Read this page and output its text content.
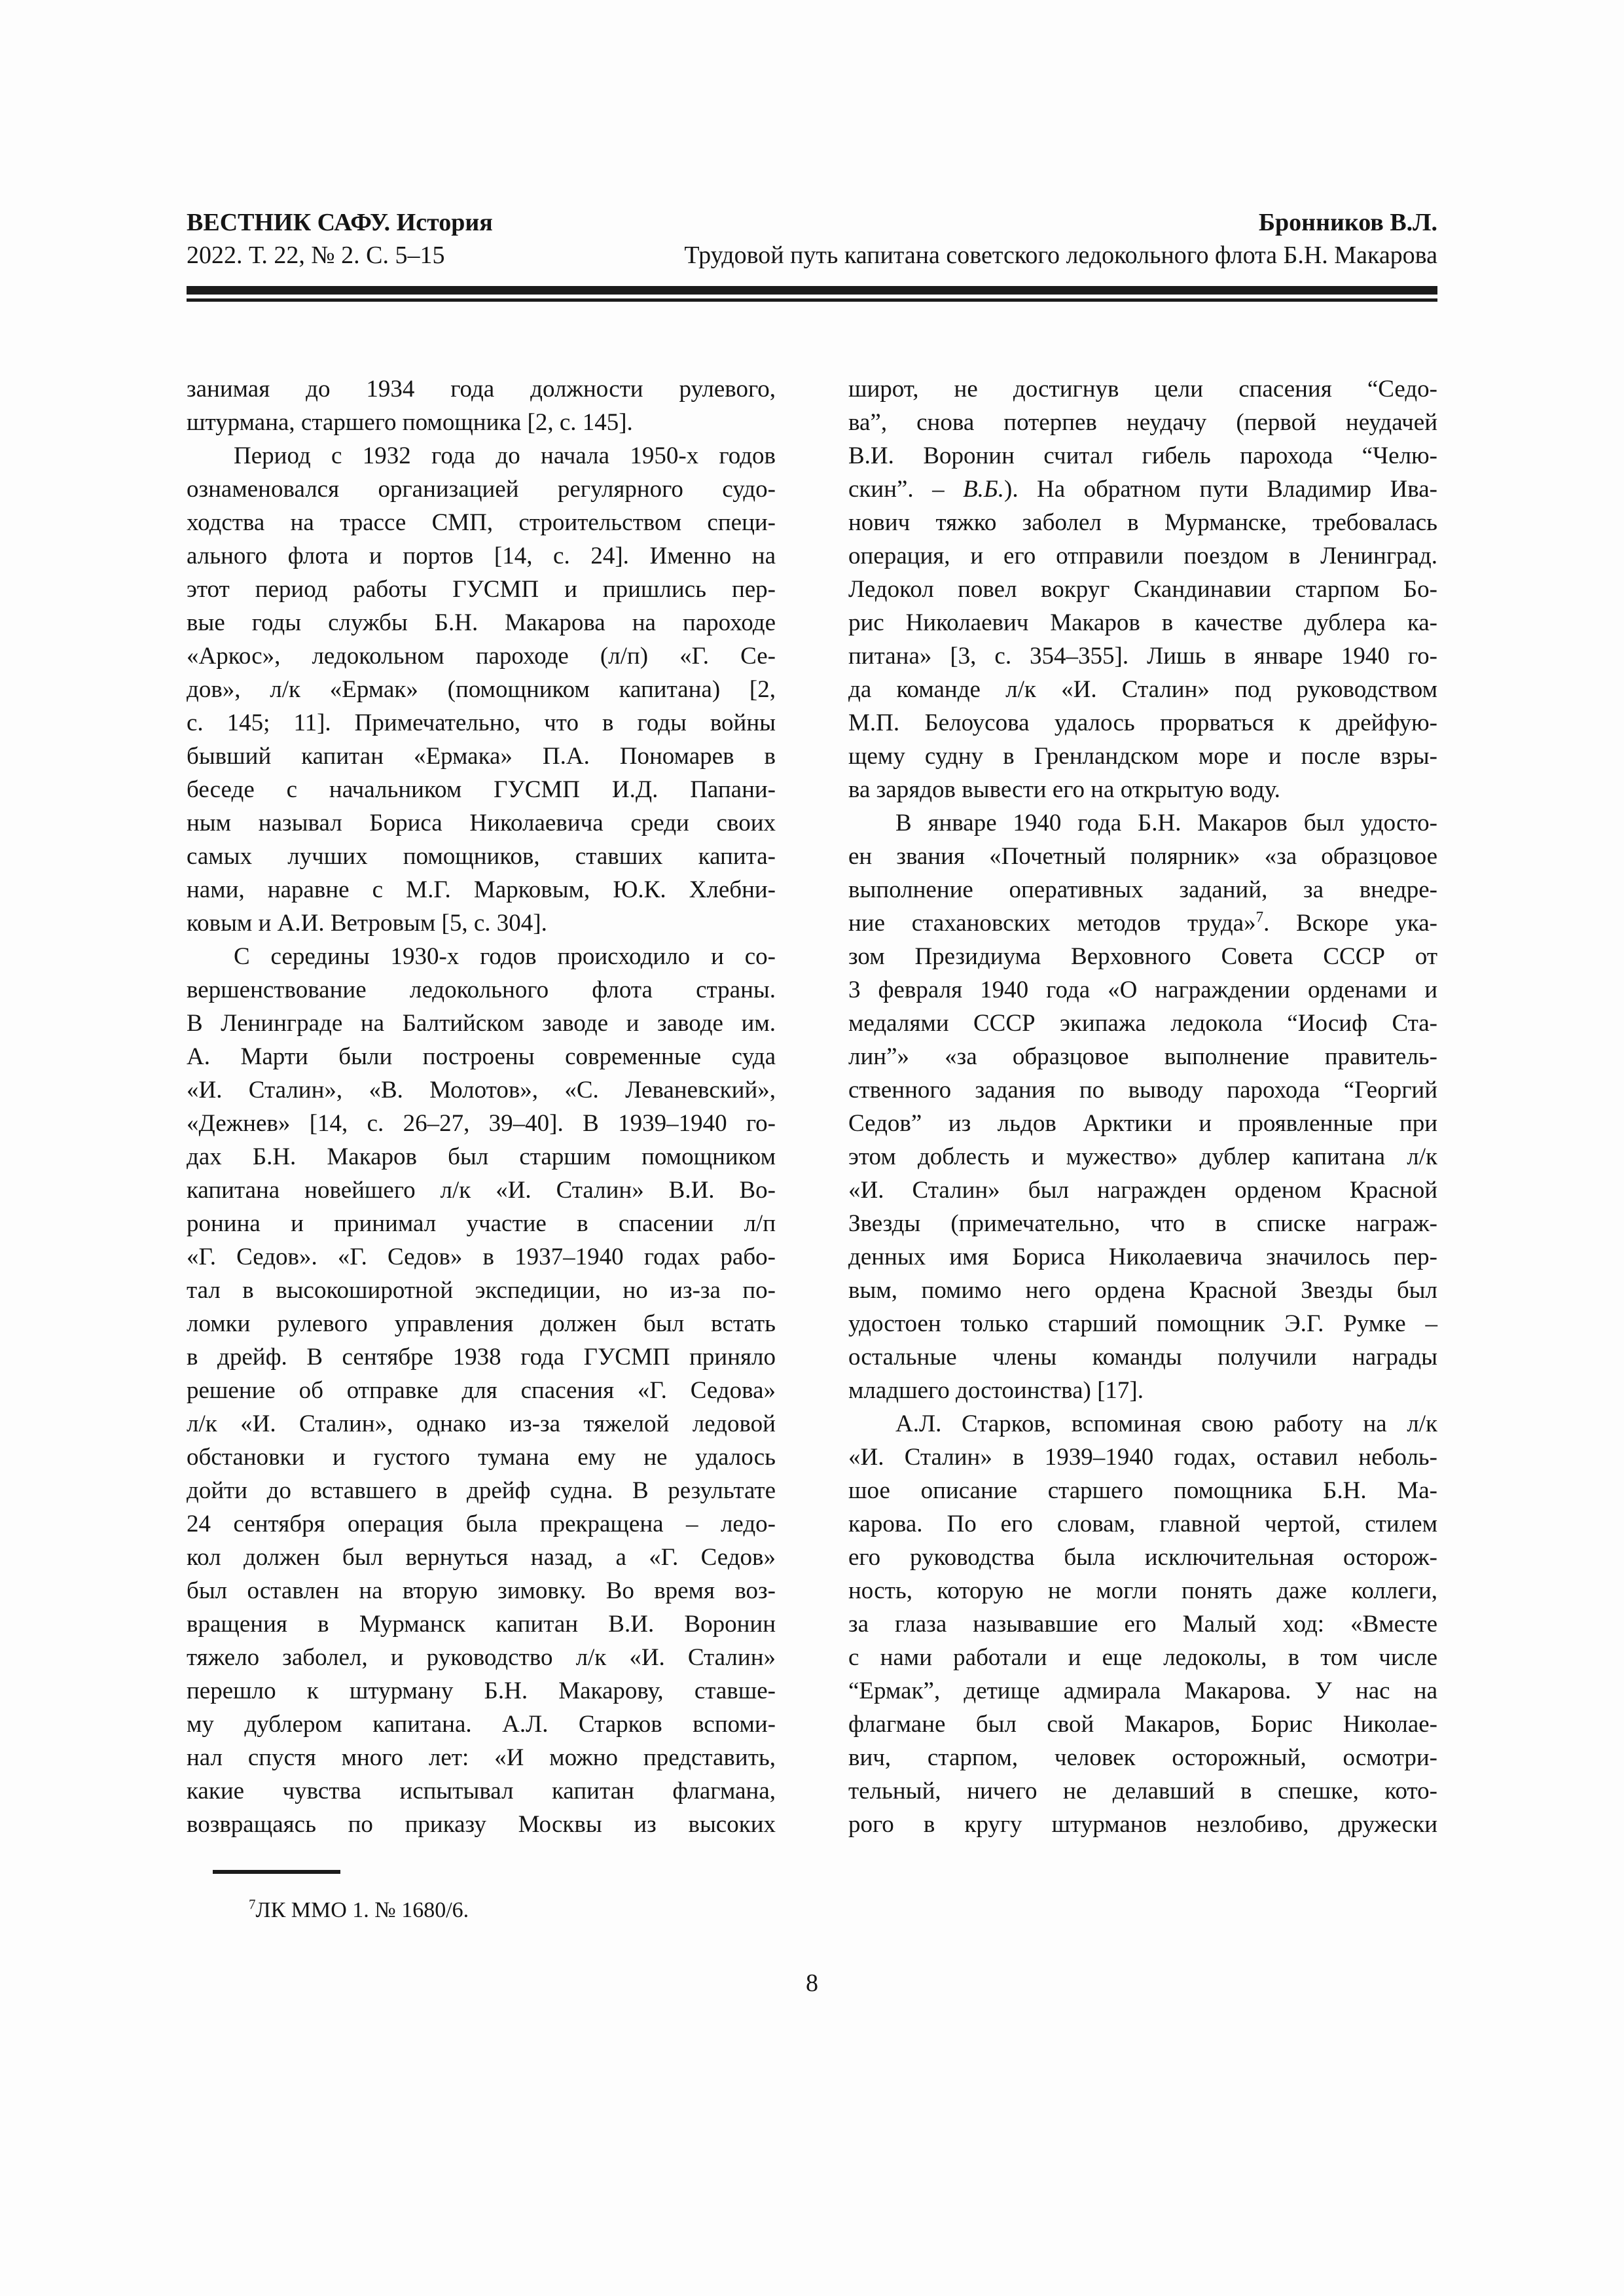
ВЕСТНИК САФУ. История	Бронников В.Л.
2022. Т. 22, № 2. С. 5–15	Трудовой путь капитана советского ледокольного флота Б.Н. Макарова
занимая до 1934 года должности рулевого,
штурмана, старшего помощника [2, с. 145].
Период с 1932 года до начала 1950-х годов
ознаменовался организацией регулярного судо-
ходства на трассе СМП, строительством специ-
ального флота и портов [14, с. 24]. Именно на
этот период работы ГУСМП и пришлись пер-
вые годы службы Б.Н. Макарова на пароходе
«Аркос», ледокольном пароходе (л/п) «Г. Се-
дов», л/к «Ермак» (помощником капитана) [2,
с. 145; 11]. Примечательно, что в годы войны
бывший капитан «Ермака» П.А. Пономарев в
беседе с начальником ГУСМП И.Д. Папани-
ным называл Бориса Николаевича среди своих
самых лучших помощников, ставших капита-
нами, наравне с М.Г. Марковым, Ю.К. Хлебни-
ковым и А.И. Ветровым [5, с. 304].
С середины 1930-х годов происходило и со-
вершенствование ледокольного флота страны.
В Ленинграде на Балтийском заводе и заводе им.
А. Марти были построены современные суда
«И. Сталин», «В. Молотов», «С. Леваневский»,
«Дежнев» [14, с. 26–27, 39–40]. В 1939–1940 го-
дах Б.Н. Макаров был старшим помощником
капитана новейшего л/к «И. Сталин» В.И. Во-
ронина и принимал участие в спасении л/п
«Г. Седов». «Г. Седов» в 1937–1940 годах рабо-
тал в высокоширотной экспедиции, но из-за по-
ломки рулевого управления должен был встать
в дрейф. В сентябре 1938 года ГУСМП приняло
решение об отправке для спасения «Г. Седова»
л/к «И. Сталин», однако из-за тяжелой ледовой
обстановки и густого тумана ему не удалось
дойти до вставшего в дрейф судна. В результате
24 сентября операция была прекращена – ледо-
кол должен был вернуться назад, а «Г. Седов»
был оставлен на вторую зимовку. Во время воз-
вращения в Мурманск капитан В.И. Воронин
тяжело заболел, и руководство л/к «И. Сталин»
перешло к штурману Б.Н. Макарову, ставше-
му дублером капитана. А.Л. Старков вспоми-
нал спустя много лет: «И можно представить,
какие чувства испытывал капитан флагмана,
возвращаясь по приказу Москвы из высоких
широт, не достигнув цели спасения “Седо-
ва”, снова потерпев неудачу (первой неудачей
В.И. Воронин считал гибель парохода “Челю-
скин”. – В.Б.). На обратном пути Владимир Ива-
нович тяжко заболел в Мурманске, требовалась
операция, и его отправили поездом в Ленинград.
Ледокол повел вокруг Скандинавии старпом Бо-
рис Николаевич Макаров в качестве дублера ка-
питана» [3, с. 354–355]. Лишь в январе 1940 го-
да команде л/к «И. Сталин» под руководством
М.П. Белоусова удалось прорваться к дрейфую-
щему судну в Гренландском море и после взры-
ва зарядов вывести его на открытую воду.
В январе 1940 года Б.Н. Макаров был удосто-
ен звания «Почетный полярник» «за образцовое
выполнение оперативных заданий, за внедре-
ние стахановских методов труда»$^7$. Вскоре ука-
зом Президиума Верховного Совета СССР от
3 февраля 1940 года «О награждении орденами и
медалями СССР экипажа ледокола “Иосиф Ста-
лин”» «за образцовое выполнение правитель-
ственного задания по выводу парохода “Георгий
Седов” из льдов Арктики и проявленные при
этом доблесть и мужество» дублер капитана л/к
«И. Сталин» был награжден орденом Красной
Звезды (примечательно, что в списке награж-
денных имя Бориса Николаевича значилось пер-
вым, помимо него ордена Красной Звезды был
удостоен только старший помощник Э.Г. Румке –
остальные члены команды получили награды
младшего достоинства) [17].
А.Л. Старков, вспоминая свою работу на л/к
«И. Сталин» в 1939–1940 годах, оставил неболь-
шое описание старшего помощника Б.Н. Ма-
карова. По его словам, главной чертой, стилем
его руководства была исключительная осторож-
ность, которую не могли понять даже коллеги,
за глаза называвшие его Малый ход: «Вместе
с нами работали и еще ледоколы, в том числе
“Ермак”, детище адмирала Макарова. У нас на
флагмане был свой Макаров, Борис Николае-
вич, старпом, человек осторожный, осмотри-
тельный, ничего не делавший в спешке, кото-
рого в кругу штурманов незлобиво, дружески

$^7$ЛК ММО 1. № 1680/6.

8
